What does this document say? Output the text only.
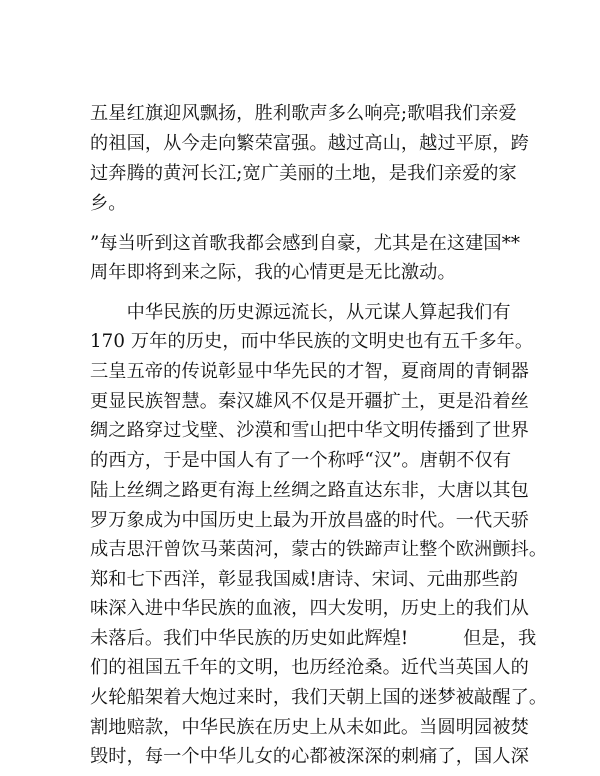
五星红旗迎风飘扬，胜利歌声多么响亮;歌唱我们亲爱
的祖国，从今走向繁荣富强。越过高山，越过平原，跨
过奔腾的黄河长江;宽广美丽的土地，是我们亲爱的家
乡。
”每当听到这首歌我都会感到自豪，尤其是在这建国**
周年即将到来之际，我的心情更是无比激动。
　　中华民族的历史源远流长，从元谋人算起我们有
170 万年的历史，而中华民族的文明史也有五千多年。
三皇五帝的传说彰显中华先民的才智，夏商周的青铜器
更显民族智慧。秦汉雄风不仅是开疆扩土，更是沿着丝
绸之路穿过戈壁、沙漠和雪山把中华文明传播到了世界
的西方，于是中国人有了一个称呼“汉”。唐朝不仅有
陆上丝绸之路更有海上丝绸之路直达东非，大唐以其包
罗万象成为中国历史上最为开放昌盛的时代。一代天骄
成吉思汗曾饮马莱茵河，蒙古的铁蹄声让整个欧洲颤抖。
郑和七下西洋，彰显我国威!唐诗、宋词、元曲那些韵
味深入进中华民族的血液，四大发明，历史上的我们从
未落后。我们中华民族的历史如此辉煌!　　　但是，我
们的祖国五千年的文明，也历经沧桑。近代当英国人的
火轮船架着大炮过来时，我们天朝上国的迷梦被敲醒了。
割地赔款，中华民族在历史上从未如此。当圆明园被焚
毁时，每一个中华儿女的心都被深深的刺痛了，国人深
